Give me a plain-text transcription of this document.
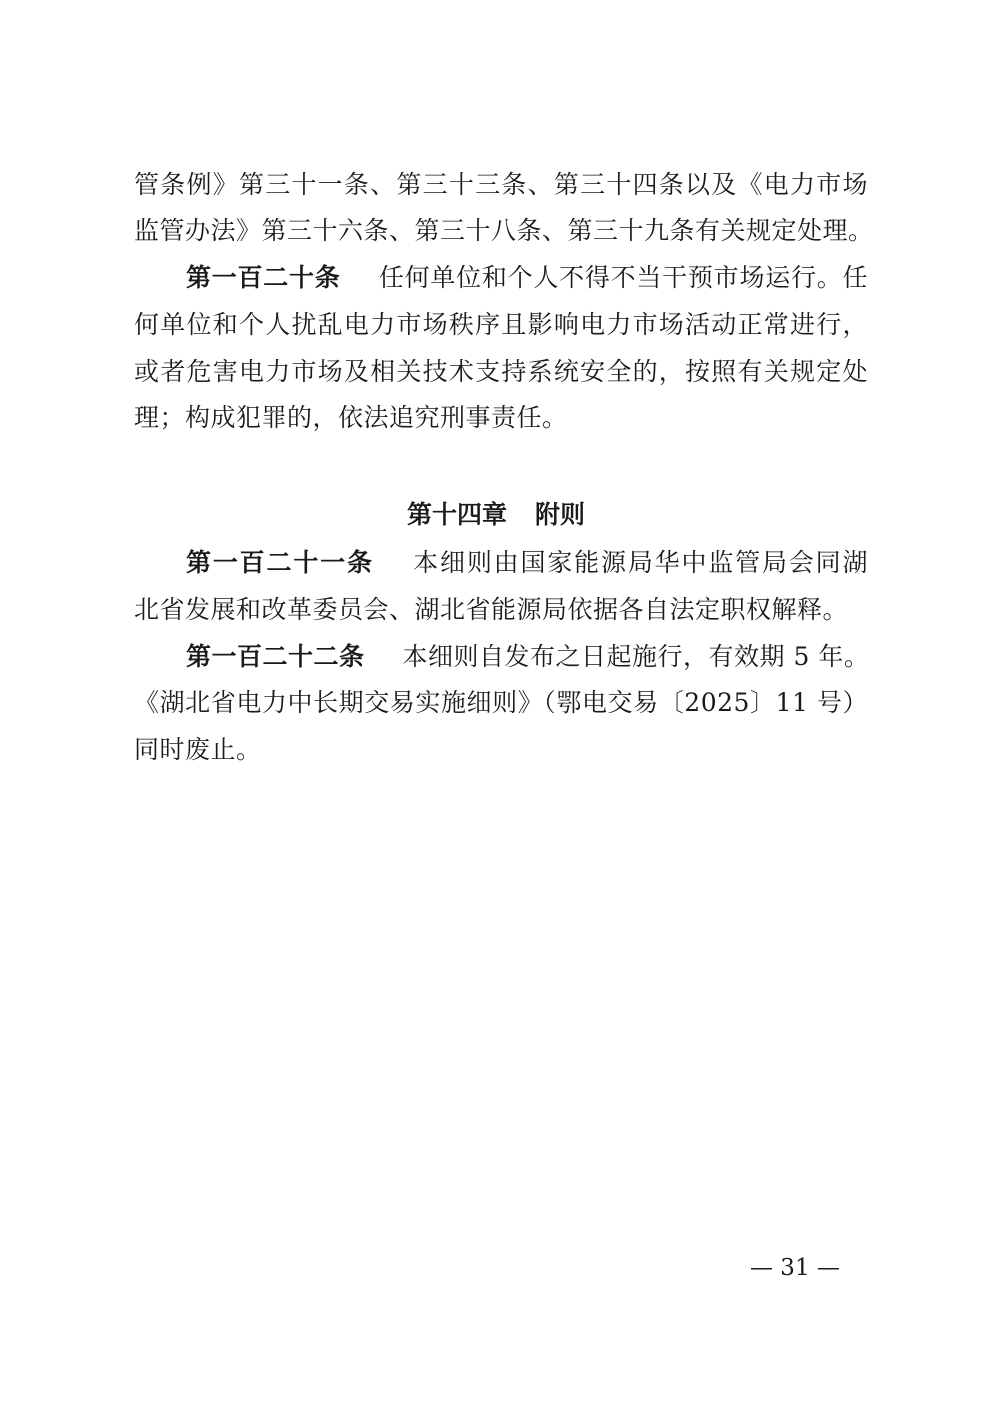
管条例》第三十一条、第三十三条、第三十四条以及《电力市场
监管办法》第三十六条、第三十八条、第三十九条有关规定处理。
第一百二十条 任何单位和个人不得不当干预市场运行。任
何单位和个人扰乱电力市场秩序且影响电力市场活动正常进行，
或者危害电力市场及相关技术支持系统安全的，按照有关规定处
理；构成犯罪的，依法追究刑事责任。
第十四章 附则
第一百二十一条 本细则由国家能源局华中监管局会同湖
北省发展和改革委员会、湖北省能源局依据各自法定职权解释。
第一百二十二条 本细则自发布之日起施行，有效期 5 年。
《湖北省电力中长期交易实施细则》（鄂电交易〔2025〕11 号）
同时废止。
— 31 —
